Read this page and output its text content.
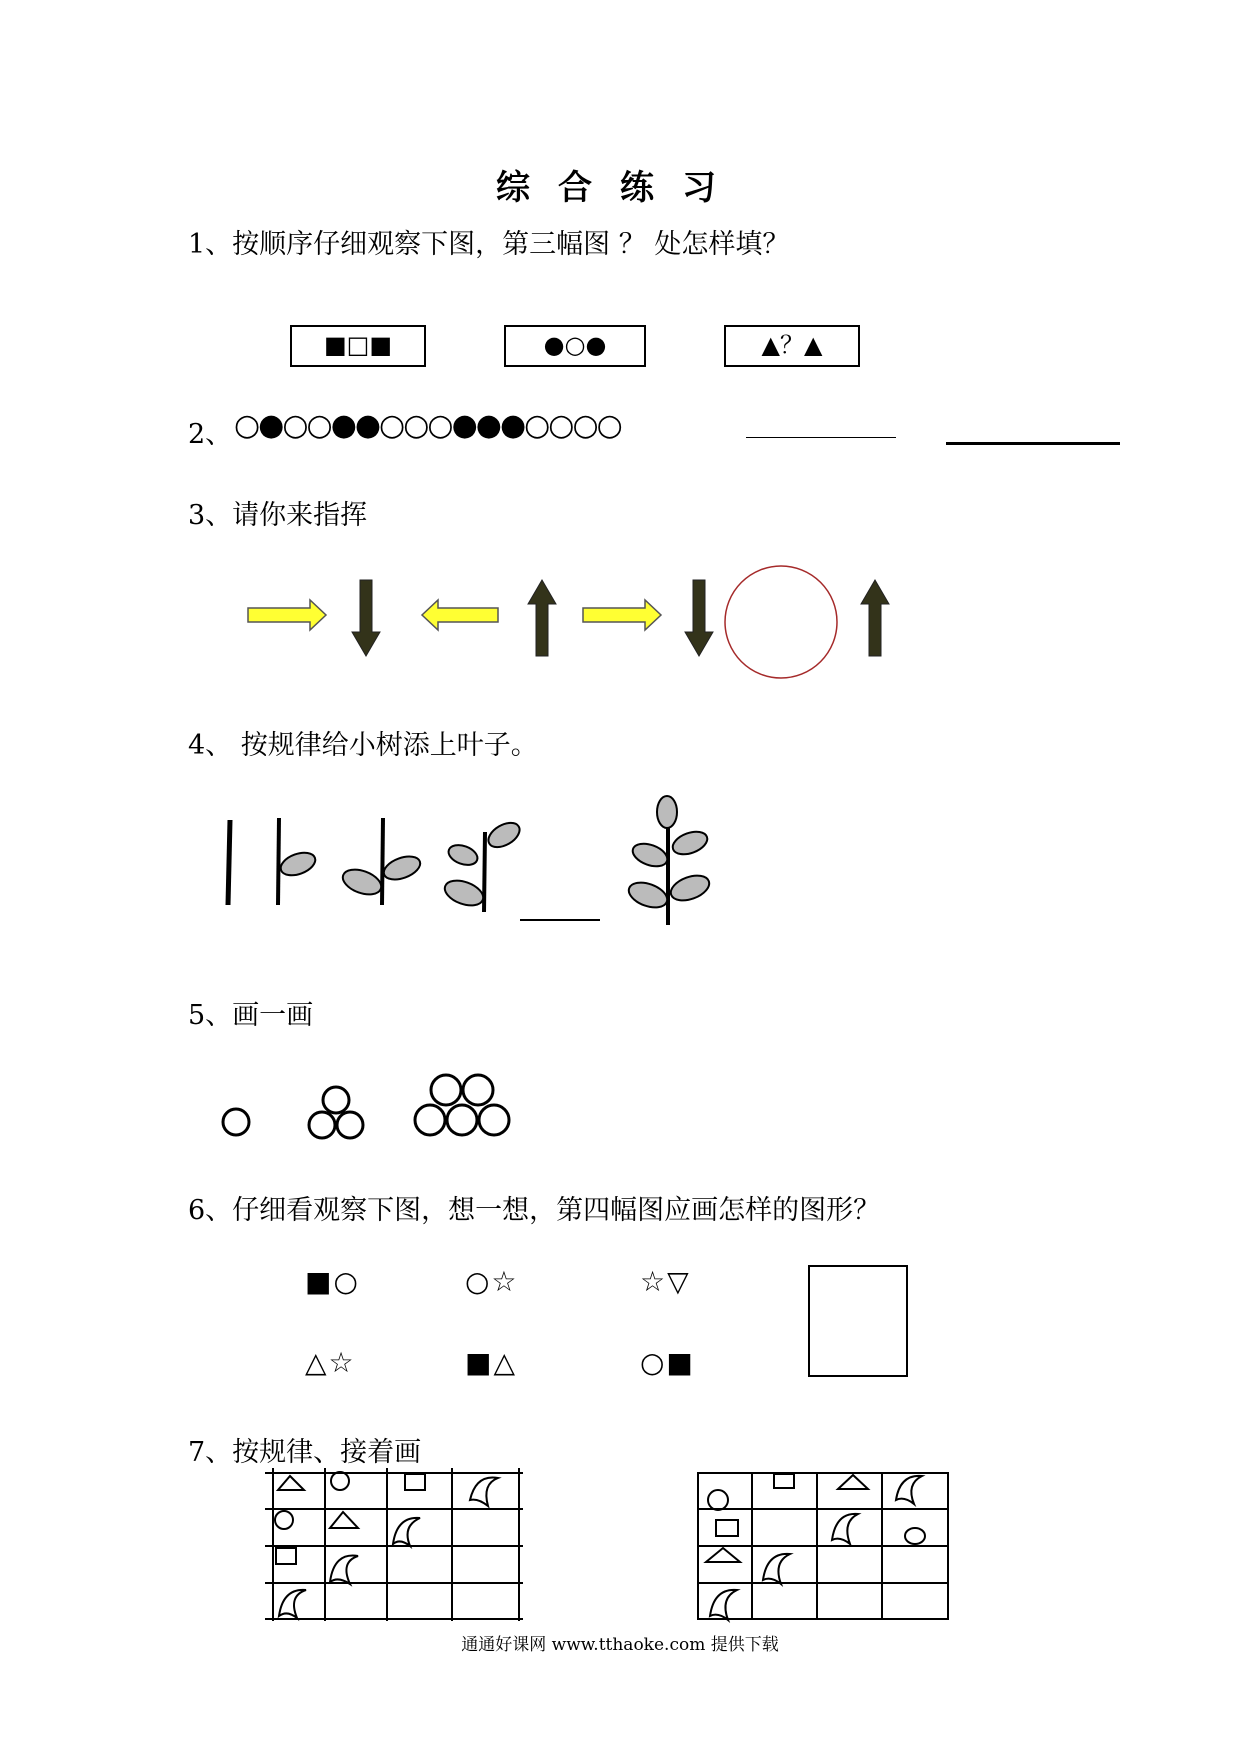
综合练习
1、按顺序仔细观察下图，第三幅图 ？ 处怎样填？
■□■	●○●	▲？▲
2、 ○●○○●●○○○●●●○○○○
3、请你来指挥
4、 按规律给小树添上叶子。
5、画一画
6、仔细看观察下图，想一想，第四幅图应画怎样的图形？
■○	○☆	☆▽
△☆	■△	○■
7、按规律、接着画
通通好课网 www.tthaoke.com 提供下载
